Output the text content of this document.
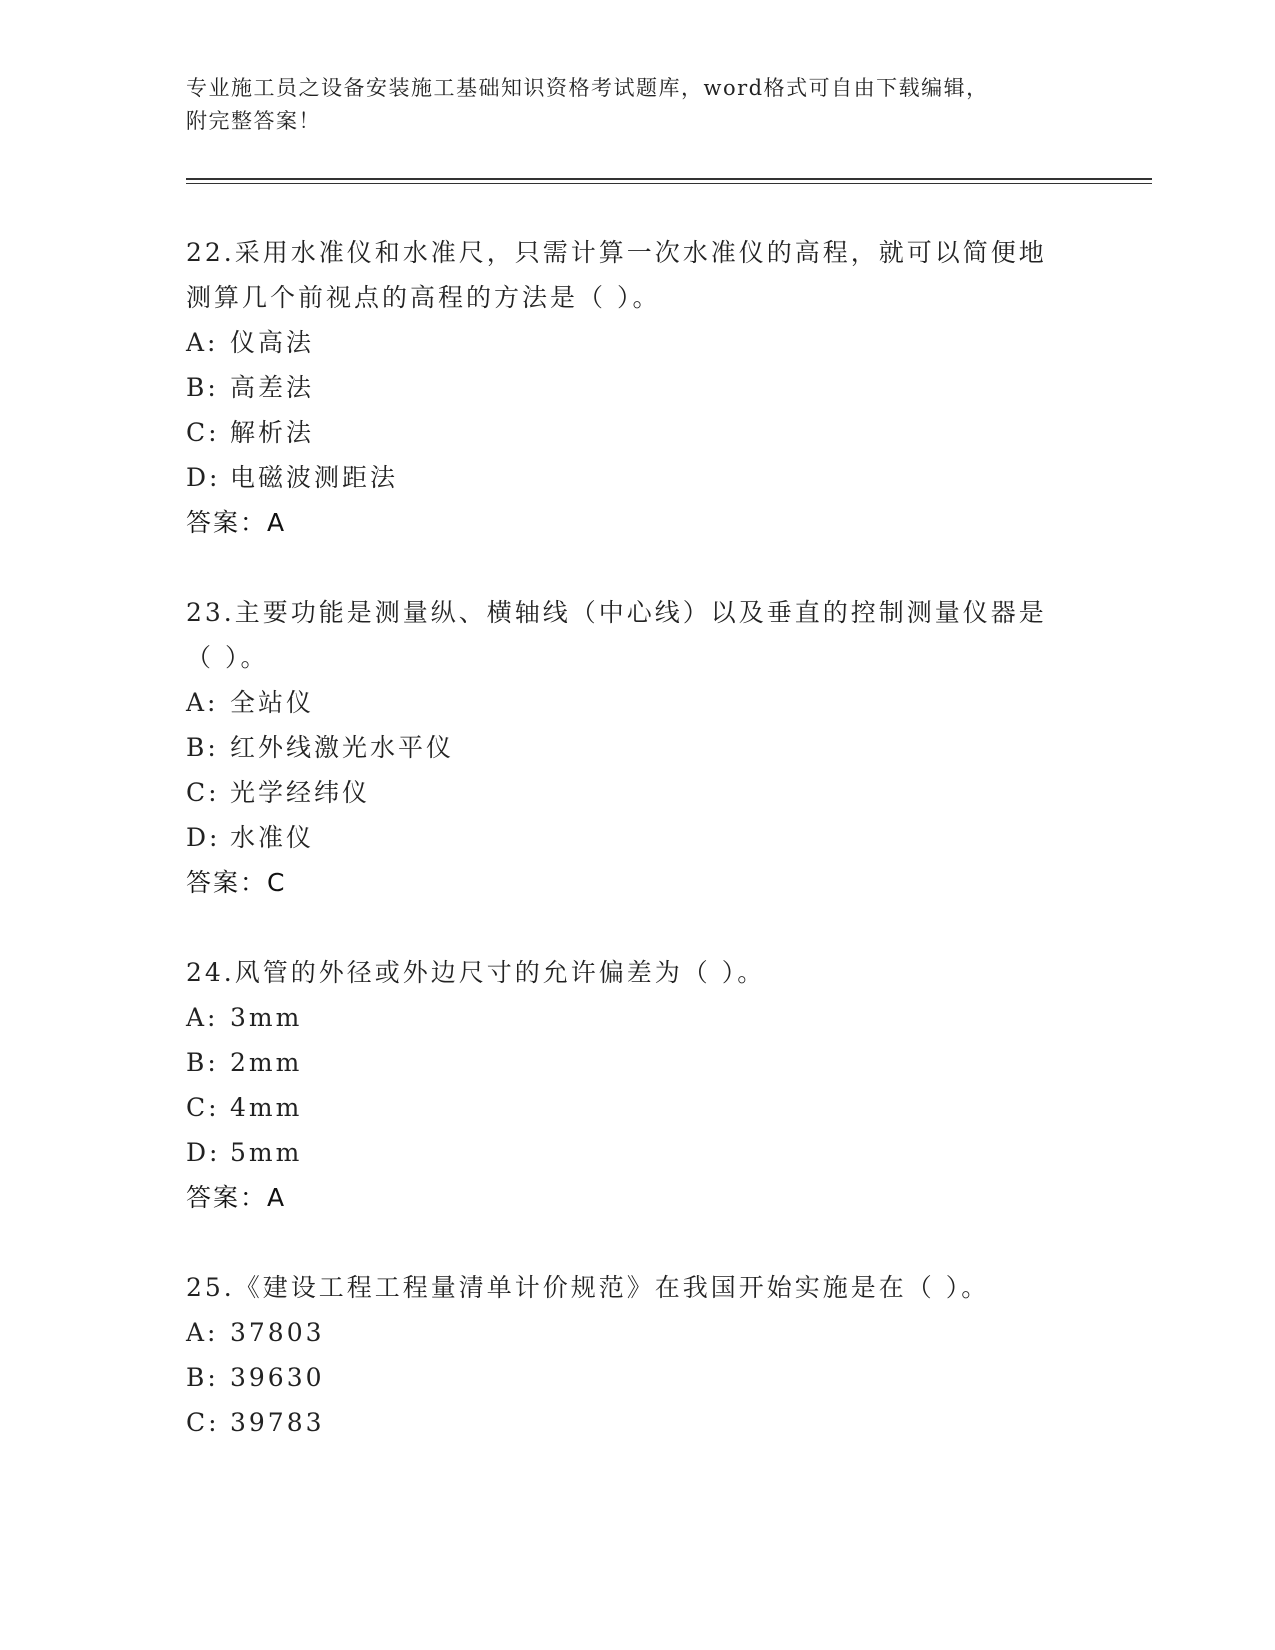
专业施工员之设备安装施工基础知识资格考试题库，word格式可自由下载编辑，
附完整答案！
22.采用水准仪和水准尺，只需计算一次水准仪的高程，就可以简便地
测算几个前视点的高程的方法是（ ）。
A: 仪高法
B: 高差法
C: 解析法
D: 电磁波测距法
答案：A
23.主要功能是测量纵、横轴线（中心线）以及垂直的控制测量仪器是
（ ）。
A: 全站仪
B: 红外线激光水平仪
C: 光学经纬仪
D: 水准仪
答案：C
24.风管的外径或外边尺寸的允许偏差为（ ）。
A: 3mm
B: 2mm
C: 4mm
D: 5mm
答案：A
25.《建设工程工程量清单计价规范》在我国开始实施是在（ ）。
A: 37803
B: 39630
C: 39783
